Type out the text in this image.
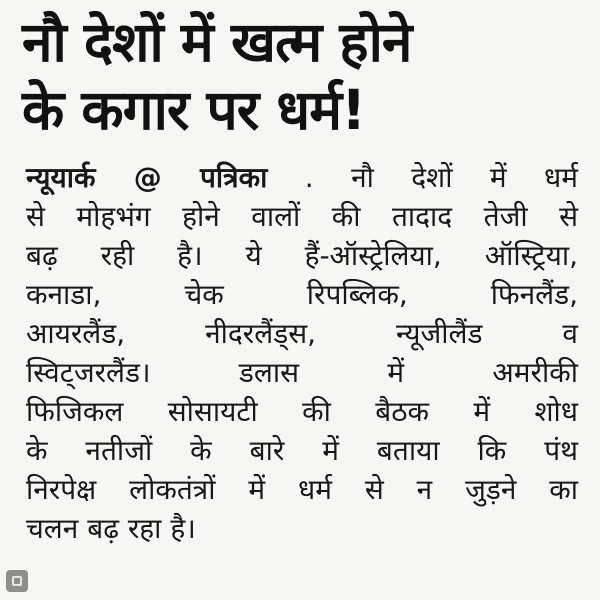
नौ देशों में खत्म होने
के कगार पर धर्म!
न्यूयार्क @ पत्रिका . नौ देशों में धर्म
से मोहभंग होने वालों की तादाद तेजी से
बढ़ रही है। ये हैं-ऑस्ट्रेलिया, ऑस्ट्रिया,
कनाडा, चेक रिपब्लिक, फिनलैंड,
आयरलैंड, नीदरलैंड्स, न्यूजीलैंड व
स्विट्जरलैंड। डलास में अमरीकी
फिजिकल सोसायटी की बैठक में शोध
के नतीजों के बारे में बताया कि पंथ
निरपेक्ष लोकतंत्रों में धर्म से न जुड़ने का
चलन बढ़ रहा है।
